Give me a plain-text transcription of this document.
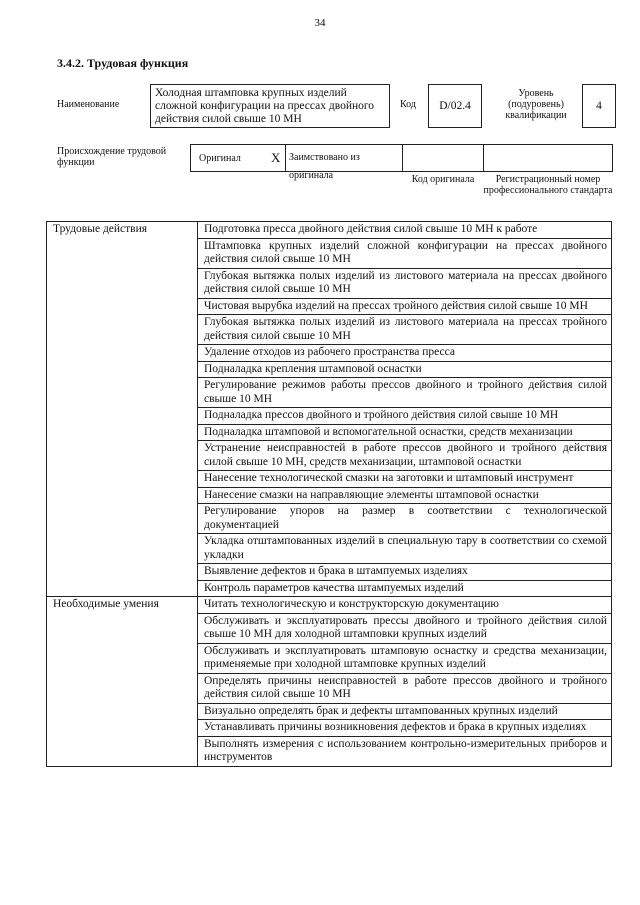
34
3.4.2. Трудовая функция
Наименование
Холодная штамповка крупных изделий сложной конфигурации на прессах двойного действия силой свыше 10 МН
Код	D/02.4
Уровень (подуровень) квалификации
4
Происхождение трудовой функции	Оригинал X Заимствовано из оригинала	Код оригинала	Регистрационный номер профессионального стандарта
Трудовые действия	Подготовка пресса двойного действия силой свыше 10 МН к работе
	Штамповка крупных изделий сложной конфигурации на прессах двойного действия силой свыше 10 МН
	Глубокая вытяжка полых изделий из листового материала на прессах двойного действия силой свыше 10 МН
	Чистовая вырубка изделий на прессах тройного действия силой свыше 10 МН
	Глубокая вытяжка полых изделий из листового материала на прессах тройного действия силой свыше 10 МН
	Удаление отходов из рабочего пространства пресса
	Подналадка крепления штамповой оснастки
	Регулирование режимов работы прессов двойного и тройного действия силой свыше 10 МН
	Подналадка прессов двойного и тройного действия силой свыше 10 МН
	Подналадка штамповой и вспомогательной оснастки, средств механизации
	Устранение неисправностей в работе прессов двойного и тройного действия силой свыше 10 МН, средств механизации, штамповой оснастки
	Нанесение технологической смазки на заготовки и штамповый инструмент
	Нанесение смазки на направляющие элементы штамповой оснастки
	Регулирование упоров на размер в соответствии с технологической документацией
	Укладка отштампованных изделий в специальную тару в соответствии со схемой укладки
	Выявление дефектов и брака в штампуемых изделиях
	Контроль параметров качества штампуемых изделий
Необходимые умения	Читать технологическую и конструкторскую документацию
	Обслуживать и эксплуатировать прессы двойного и тройного действия силой свыше 10 МН для холодной штамповки крупных изделий
	Обслуживать и эксплуатировать штамповую оснастку и средства механизации, применяемые при холодной штамповке крупных изделий
	Определять причины неисправностей в работе прессов двойного и тройного действия силой свыше 10 МН
	Визуально определять брак и дефекты штампованных крупных изделий
	Устанавливать причины возникновения дефектов и брака в крупных изделиях
	Выполнять измерения с использованием контрольно-измерительных приборов и инструментов
